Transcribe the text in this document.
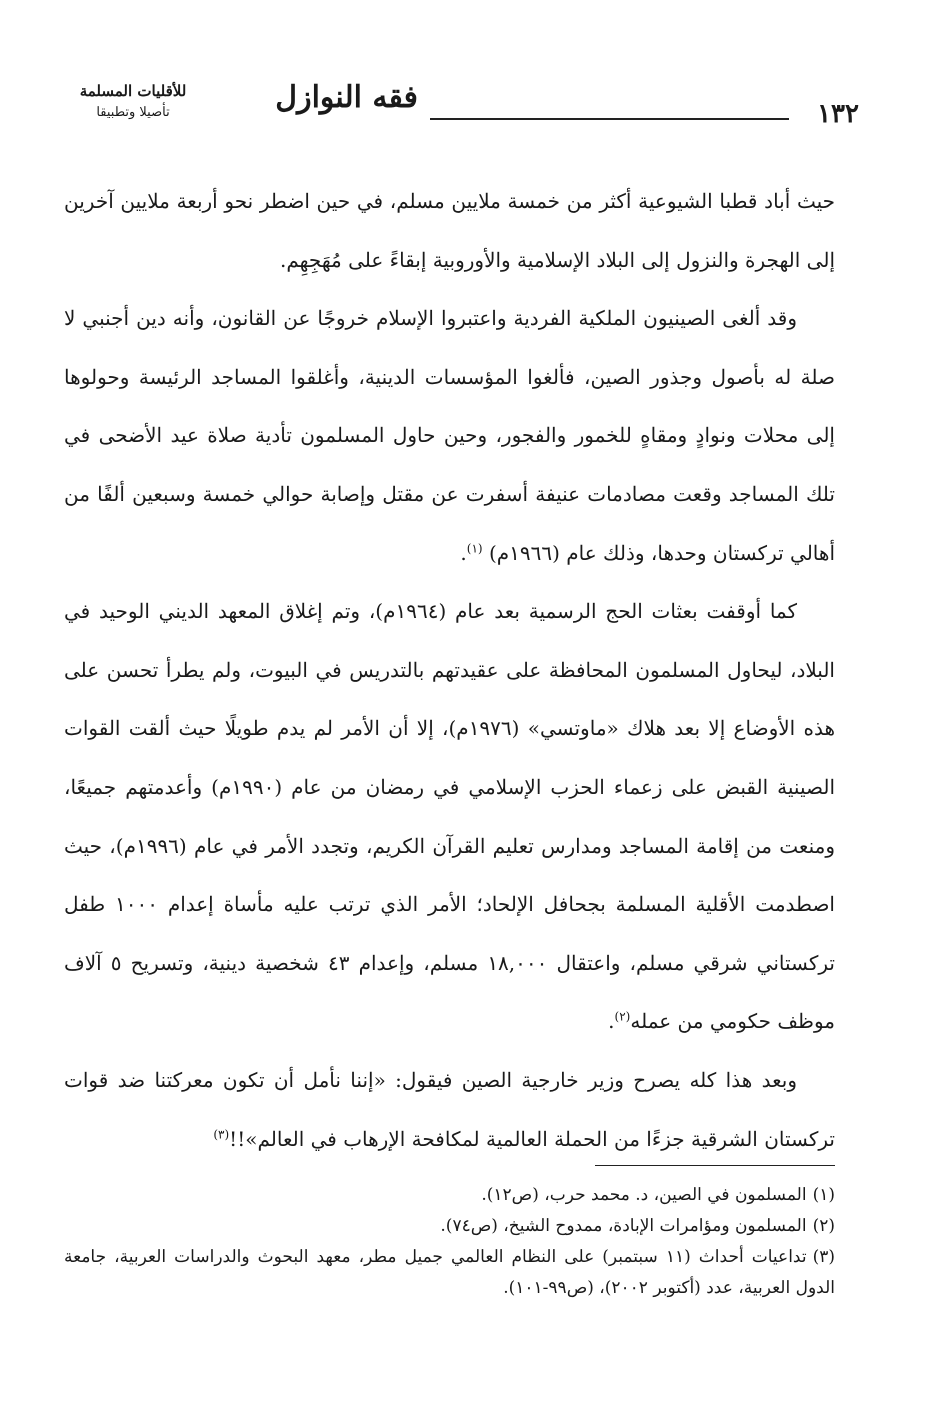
١٣٢
فقه النوازل
للأقليات المسلمة
تأصيلا وتطبيقا

حيث أباد قطبا الشيوعية أكثر من خمسة ملايين مسلم، في حين اضطر نحو أربعة ملايين آخرين إلى الهجرة والنزول إلى البلاد الإسلامية والأوروبية إبقاءً على مُهَجِهِم.

وقد ألغى الصينيون الملكية الفردية واعتبروا الإسلام خروجًا عن القانون، وأنه دين أجنبي لا صلة له بأصول وجذور الصين، فألغوا المؤسسات الدينية، وأغلقوا المساجد الرئيسة وحولوها إلى محلات ونوادٍ ومقاهٍ للخمور والفجور، وحين حاول المسلمون تأدية صلاة عيد الأضحى في تلك المساجد وقعت مصادمات عنيفة أسفرت عن مقتل وإصابة حوالي خمسة وسبعين ألفًا من أهالي تركستان وحدها، وذلك عام (١٩٦٦م) $^{(١)}$.

كما أوقفت بعثات الحج الرسمية بعد عام (١٩٦٤م)، وتم إغلاق المعهد الديني الوحيد في البلاد، ليحاول المسلمون المحافظة على عقيدتهم بالتدريس في البيوت، ولم يطرأ تحسن على هذه الأوضاع إلا بعد هلاك «ماوتسي» (١٩٧٦م)، إلا أن الأمر لم يدم طويلًا حيث ألقت القوات الصينية القبض على زعماء الحزب الإسلامي في رمضان من عام (١٩٩٠م) وأعدمتهم جميعًا، ومنعت من إقامة المساجد ومدارس تعليم القرآن الكريم، وتجدد الأمر في عام (١٩٩٦م)، حيث اصطدمت الأقلية المسلمة بجحافل الإلحاد؛ الأمر الذي ترتب عليه مأساة إعدام ١٠٠٠ طفل تركستاني شرقي مسلم، واعتقال ١٨,٠٠٠ مسلم، وإعدام ٤٣ شخصية دينية، وتسريح ٥ آلاف موظف حكومي من عمله$^{(٢)}$.

وبعد هذا كله يصرح وزير خارجية الصين فيقول: «إننا نأمل أن تكون معركتنا ضد قوات تركستان الشرقية جزءًا من الحملة العالمية لمكافحة الإرهاب في العالم»!!$^{(٣)}$

(١)المسلمون في الصين، د. محمد حرب، (ص١٢).

(٢)المسلمون ومؤامرات الإبادة، ممدوح الشيخ، (ص٧٤).

(٣)تداعيات أحداث (١١ سبتمبر) على النظام العالمي جميل مطر، معهد البحوث والدراسات العربية، جامعة الدول العربية، عدد (أكتوبر ٢٠٠٢)، (ص٩٩-١٠١).
